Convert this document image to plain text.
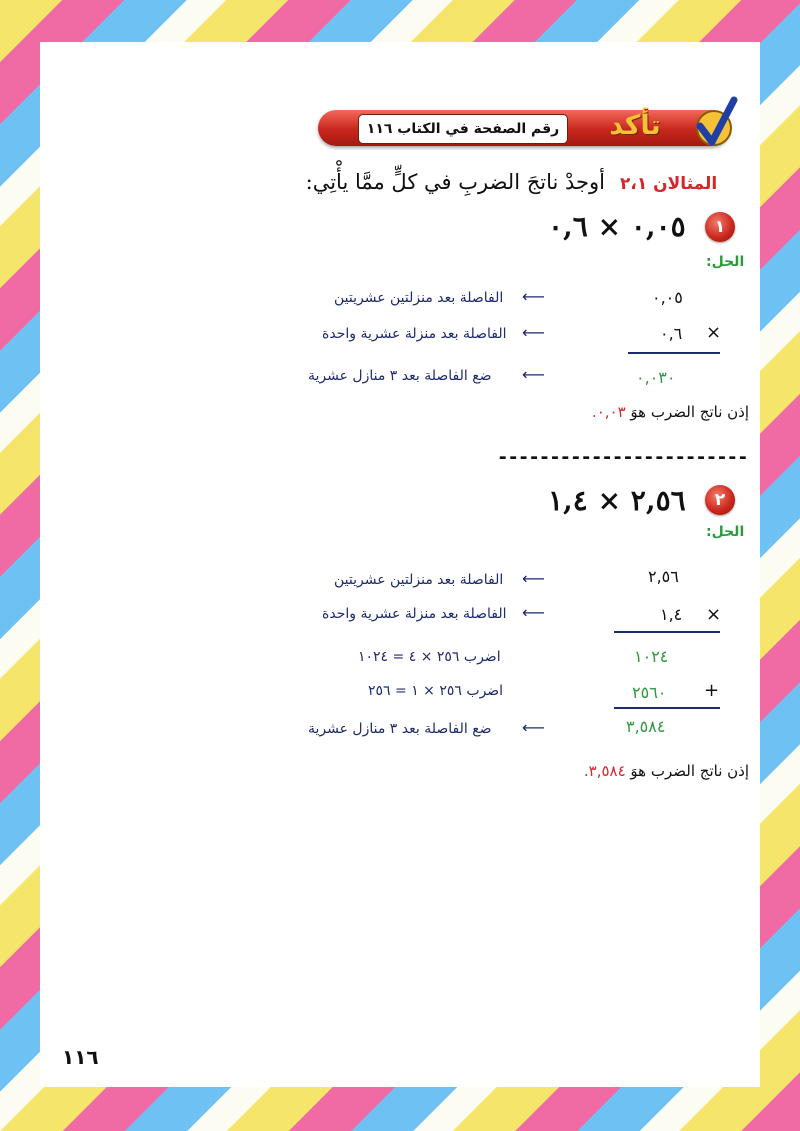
رقم الصفحة في الكتاب ١١٦	تأكد
المثالان ٢،١
أوجدْ ناتجَ الضربِ في كلٍّ ممَّا يأْتِي:
١
٠,٠٥ × ٠,٦
الحل:
٠,٠٥
⟵
الفاصلة بعد منزلتين عشريتين
×
٠,٦
⟵
الفاصلة بعد منزلة عشرية واحدة
٠,٠٣٠
⟵
ضع الفاصلة بعد ٣ منازل عشرية
إذن ناتج الضرب هوَ ٠,٠٣.
------------------------
٢
٢,٥٦ × ١,٤
الحل:
٢,٥٦
⟵
الفاصلة بعد منزلتين عشريتين
×
١,٤
⟵
الفاصلة بعد منزلة عشرية واحدة
١٠٢٤
اضرب ٢٥٦ × ٤ = ١٠٢٤
+
٢٥٦٠
اضرب ٢٥٦ × ١ = ٢٥٦
٣,٥٨٤
⟵
ضع الفاصلة بعد ٣ منازل عشرية
إذن ناتج الضرب هوَ ٣,٥٨٤.
١١٦
